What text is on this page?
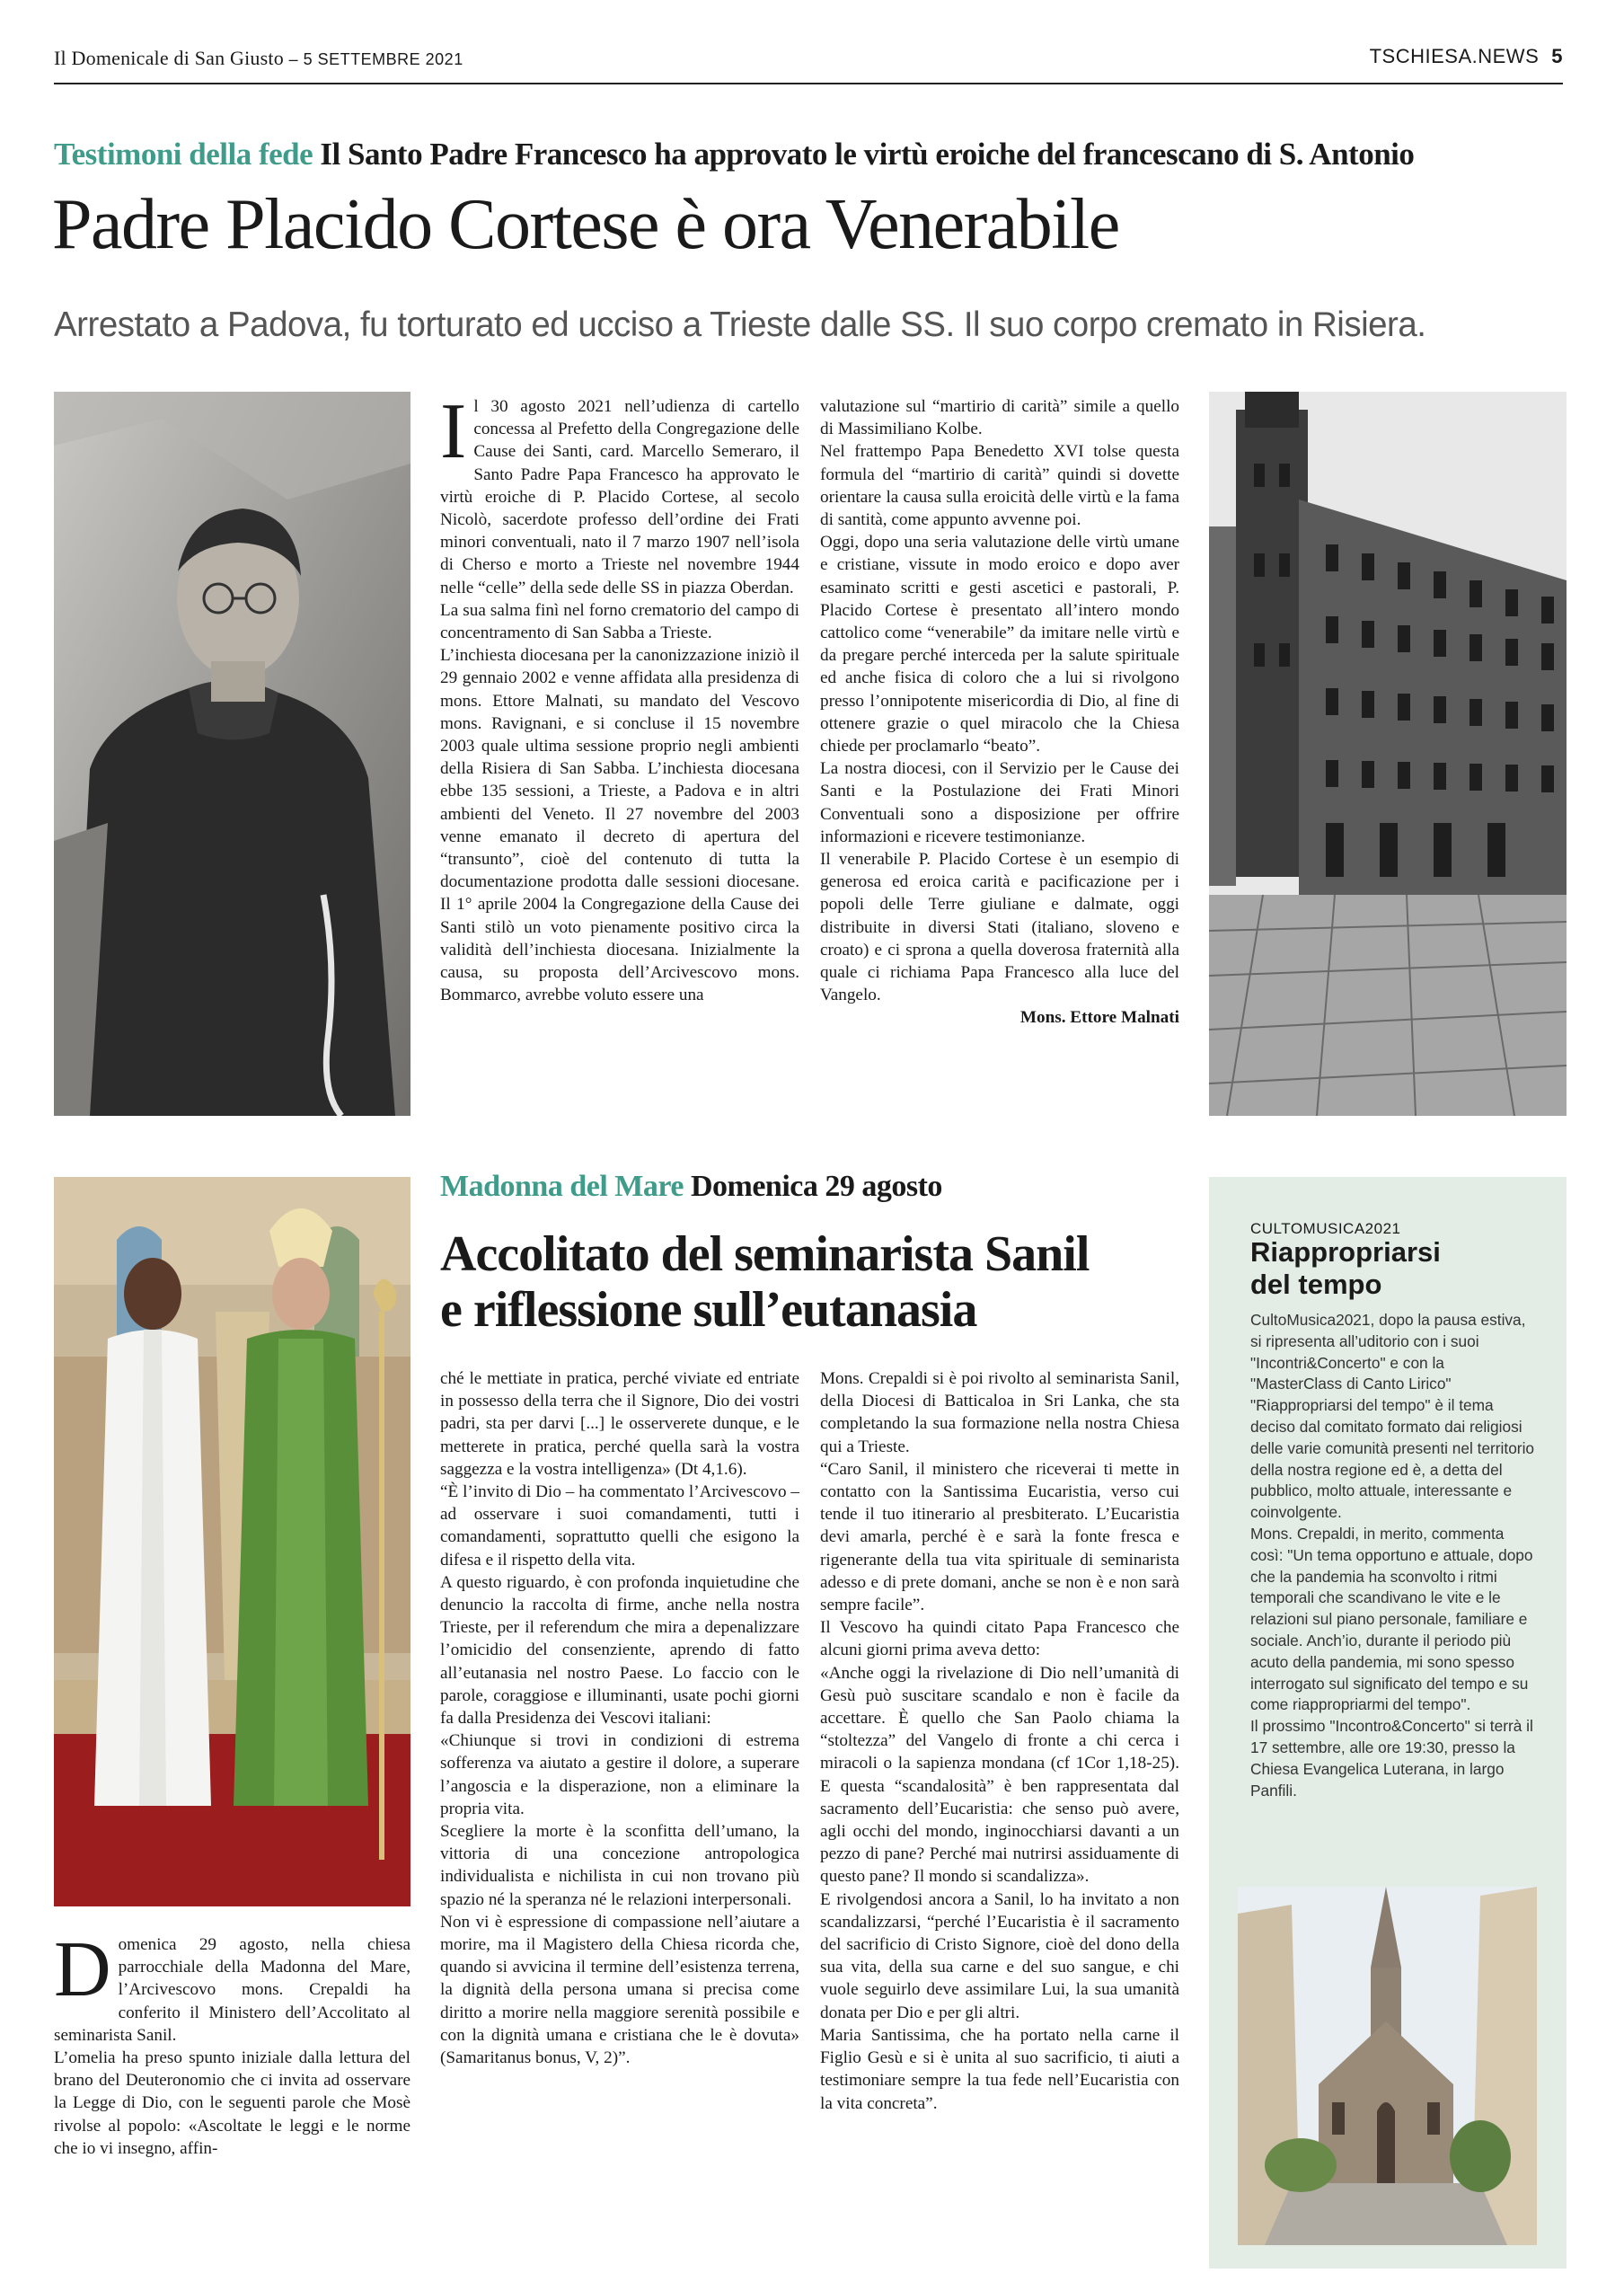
Il Domenicale di San Giusto – 5 SETTEMBRE 2021	TSCHIESA.NEWS 5
Testimoni della fede Il Santo Padre Francesco ha approvato le virtù eroiche del francescano di S. Antonio
Padre Placido Cortese è ora Venerabile
Arrestato a Padova, fu torturato ed ucciso a Trieste dalle SS. Il suo corpo cremato in Risiera.
I l 30 agosto 2021 nell’udienza di cartello concessa al Prefetto della Congregazione delle Cause dei Santi, card. Marcello Semeraro, il Santo Padre Papa Francesco ha approvato le virtù eroiche di P. Placido Cortese, al secolo Nicolò, sacerdote professo dell’ordine dei Frati minori conventuali, nato il 7 marzo 1907 nell’isola di Cherso e morto a Trieste nel novembre 1944 nelle “celle” della sede delle SS in piazza Oberdan.

La sua salma finì nel forno crematorio del campo di concentramento di San Sabba a Trieste.

L’inchiesta diocesana per la canonizzazione iniziò il 29 gennaio 2002 e venne affidata alla presidenza di mons. Ettore Malnati, su mandato del Vescovo mons. Ravignani, e si concluse il 15 novembre 2003 quale ultima sessione proprio negli ambienti della Risiera di San Sabba. L’inchiesta diocesana ebbe 135 sessioni, a Trieste, a Padova e in altri ambienti del Veneto. Il 27 novembre del 2003 venne emanato il decreto di apertura del “transunto”, cioè del contenuto di tutta la documentazione prodotta dalle sessioni diocesane. Il 1° aprile 2004 la Congregazione della Cause dei Santi stilò un voto pienamente positivo circa la validità dell’inchiesta diocesana. Inizialmente la causa, su proposta dell’Arcivescovo mons. Bommarco, avrebbe voluto essere una

valutazione sul “martirio di carità” simile a quello di Massimiliano Kolbe.

Nel frattempo Papa Benedetto XVI tolse questa formula del “martirio di carità” quindi si dovette orientare la causa sulla eroicità delle virtù e la fama di santità, come appunto avvenne poi.

Oggi, dopo una seria valutazione delle virtù umane e cristiane, vissute in modo eroico e dopo aver esaminato scritti e gesti ascetici e pastorali, P. Placido Cortese è presentato all’intero mondo cattolico come “venerabile” da imitare nelle virtù e da pregare perché interceda per la salute spirituale ed anche fisica di coloro che a lui si rivolgono presso l’onnipotente misericordia di Dio, al fine di ottenere grazie o quel miracolo che la Chiesa chiede per proclamarlo “beato”.

La nostra diocesi, con il Servizio per le Cause dei Santi e la Postulazione dei Frati Minori Conventuali sono a disposizione per offrire informazioni e ricevere testimonianze.

Il venerabile P. Placido Cortese è un esempio di generosa ed eroica carità e pacificazione per i popoli delle Terre giuliane e dalmate, oggi distribuite in diversi Stati (italiano, sloveno e croato) e ci sprona a quella doverosa fraternità alla quale ci richiama Papa Francesco alla luce del Vangelo.

Mons. Ettore Malnati

Madonna del Mare Domenica 29 agosto
Accolitato del seminarista Sanil
e riflessione sull’eutanasia
D omenica 29 agosto, nella chiesa parrocchiale della Madonna del Mare, l’Arcivescovo mons. Crepaldi ha conferito il Ministero dell’Accolitato al seminarista Sanil.

L’omelia ha preso spunto iniziale dalla lettura del brano del Deuteronomio che ci invita ad osservare la Legge di Dio, con le seguenti parole che Mosè rivolse al popolo: «Ascoltate le leggi e le norme che io vi insegno, affin-

ché le mettiate in pratica, perché viviate ed entriate in possesso della terra che il Signore, Dio dei vostri padri, sta per darvi [...] le osserverete dunque, e le metterete in pratica, perché quella sarà la vostra saggezza e la vostra intelligenza» (Dt 4,1.6).

“È l’invito di Dio – ha commentato l’Arcivescovo – ad osservare i suoi comandamenti, tutti i comandamenti, soprattutto quelli che esigono la difesa e il rispetto della vita.

A questo riguardo, è con profonda inquietudine che denuncio la raccolta di firme, anche nella nostra Trieste, per il referendum che mira a depenalizzare l’omicidio del consenziente, aprendo di fatto all’eutanasia nel nostro Paese. Lo faccio con le parole, coraggiose e illuminanti, usate pochi giorni fa dalla Presidenza dei Vescovi italiani:

«Chiunque si trovi in condizioni di estrema sofferenza va aiutato a gestire il dolore, a superare l’angoscia e la disperazione, non a eliminare la propria vita.

Scegliere la morte è la sconfitta dell’umano, la vittoria di una concezione antropologica individualista e nichilista in cui non trovano più spazio né la speranza né le relazioni interpersonali.

Non vi è espressione di compassione nell’aiutare a morire, ma il Magistero della Chiesa ricorda che, quando si avvicina il termine dell’esistenza terrena, la dignità della persona umana si precisa come diritto a morire nella maggiore serenità possibile e con la dignità umana e cristiana che le è dovuta» (Samaritanus bonus, V, 2)”.

Mons. Crepaldi si è poi rivolto al seminarista Sanil, della Diocesi di Batticaloa in Sri Lanka, che sta completando la sua formazione nella nostra Chiesa qui a Trieste.

“Caro Sanil, il ministero che riceverai ti mette in contatto con la Santissima Eucaristia, verso cui tende il tuo itinerario al presbiterato. L’Eucaristia devi amarla, perché è e sarà la fonte fresca e rigenerante della tua vita spirituale di seminarista adesso e di prete domani, anche se non è e non sarà sempre facile”.

Il Vescovo ha quindi citato Papa Francesco che alcuni giorni prima aveva detto:

«Anche oggi la rivelazione di Dio nell’umanità di Gesù può suscitare scandalo e non è facile da accettare. È quello che San Paolo chiama la “stoltezza” del Vangelo di fronte a chi cerca i miracoli o la sapienza mondana (cf 1Cor 1,18-25). E questa “scandalosità” è ben rappresentata dal sacramento dell’Eucaristia: che senso può avere, agli occhi del mondo, inginocchiarsi davanti a un pezzo di pane? Perché mai nutrirsi assiduamente di questo pane? Il mondo si scandalizza».

E rivolgendosi ancora a Sanil, lo ha invitato a non scandalizzarsi, “perché l’Eucaristia è il sacramento del sacrificio di Cristo Signore, cioè del dono della sua vita, della sua carne e del suo sangue, e chi vuole seguirlo deve assimilare Lui, la sua umanità donata per Dio e per gli altri.

Maria Santissima, che ha portato nella carne il Figlio Gesù e si è unita al suo sacrificio, ti aiuti a testimoniare sempre la tua fede nell’Eucaristia con la vita concreta”.

CULTOMUSICA2021
Riappropriarsi
del tempo

CultoMusica2021, dopo la pausa estiva, si ripresenta all’uditorio con i suoi "Incontri&Concerto" e con la "MasterClass di Canto Lirico" "Riappropriarsi del tempo" è il tema deciso dal comitato formato dai religiosi delle varie comunità presenti nel territorio della nostra regione ed è, a detta del pubblico, molto attuale, interessante e coinvolgente.

Mons. Crepaldi, in merito, commenta così: "Un tema opportuno e attuale, dopo che la pandemia ha sconvolto i ritmi temporali che scandivano le vite e le relazioni sul piano personale, familiare e sociale. Anch’io, durante il periodo più acuto della pandemia, mi sono spesso interrogato sul significato del tempo e su come riappropriarmi del tempo".

Il prossimo "Incontro&Concerto" si terrà il 17 settembre, alle ore 19:30, presso la Chiesa Evangelica Luterana, in largo Panfili.
